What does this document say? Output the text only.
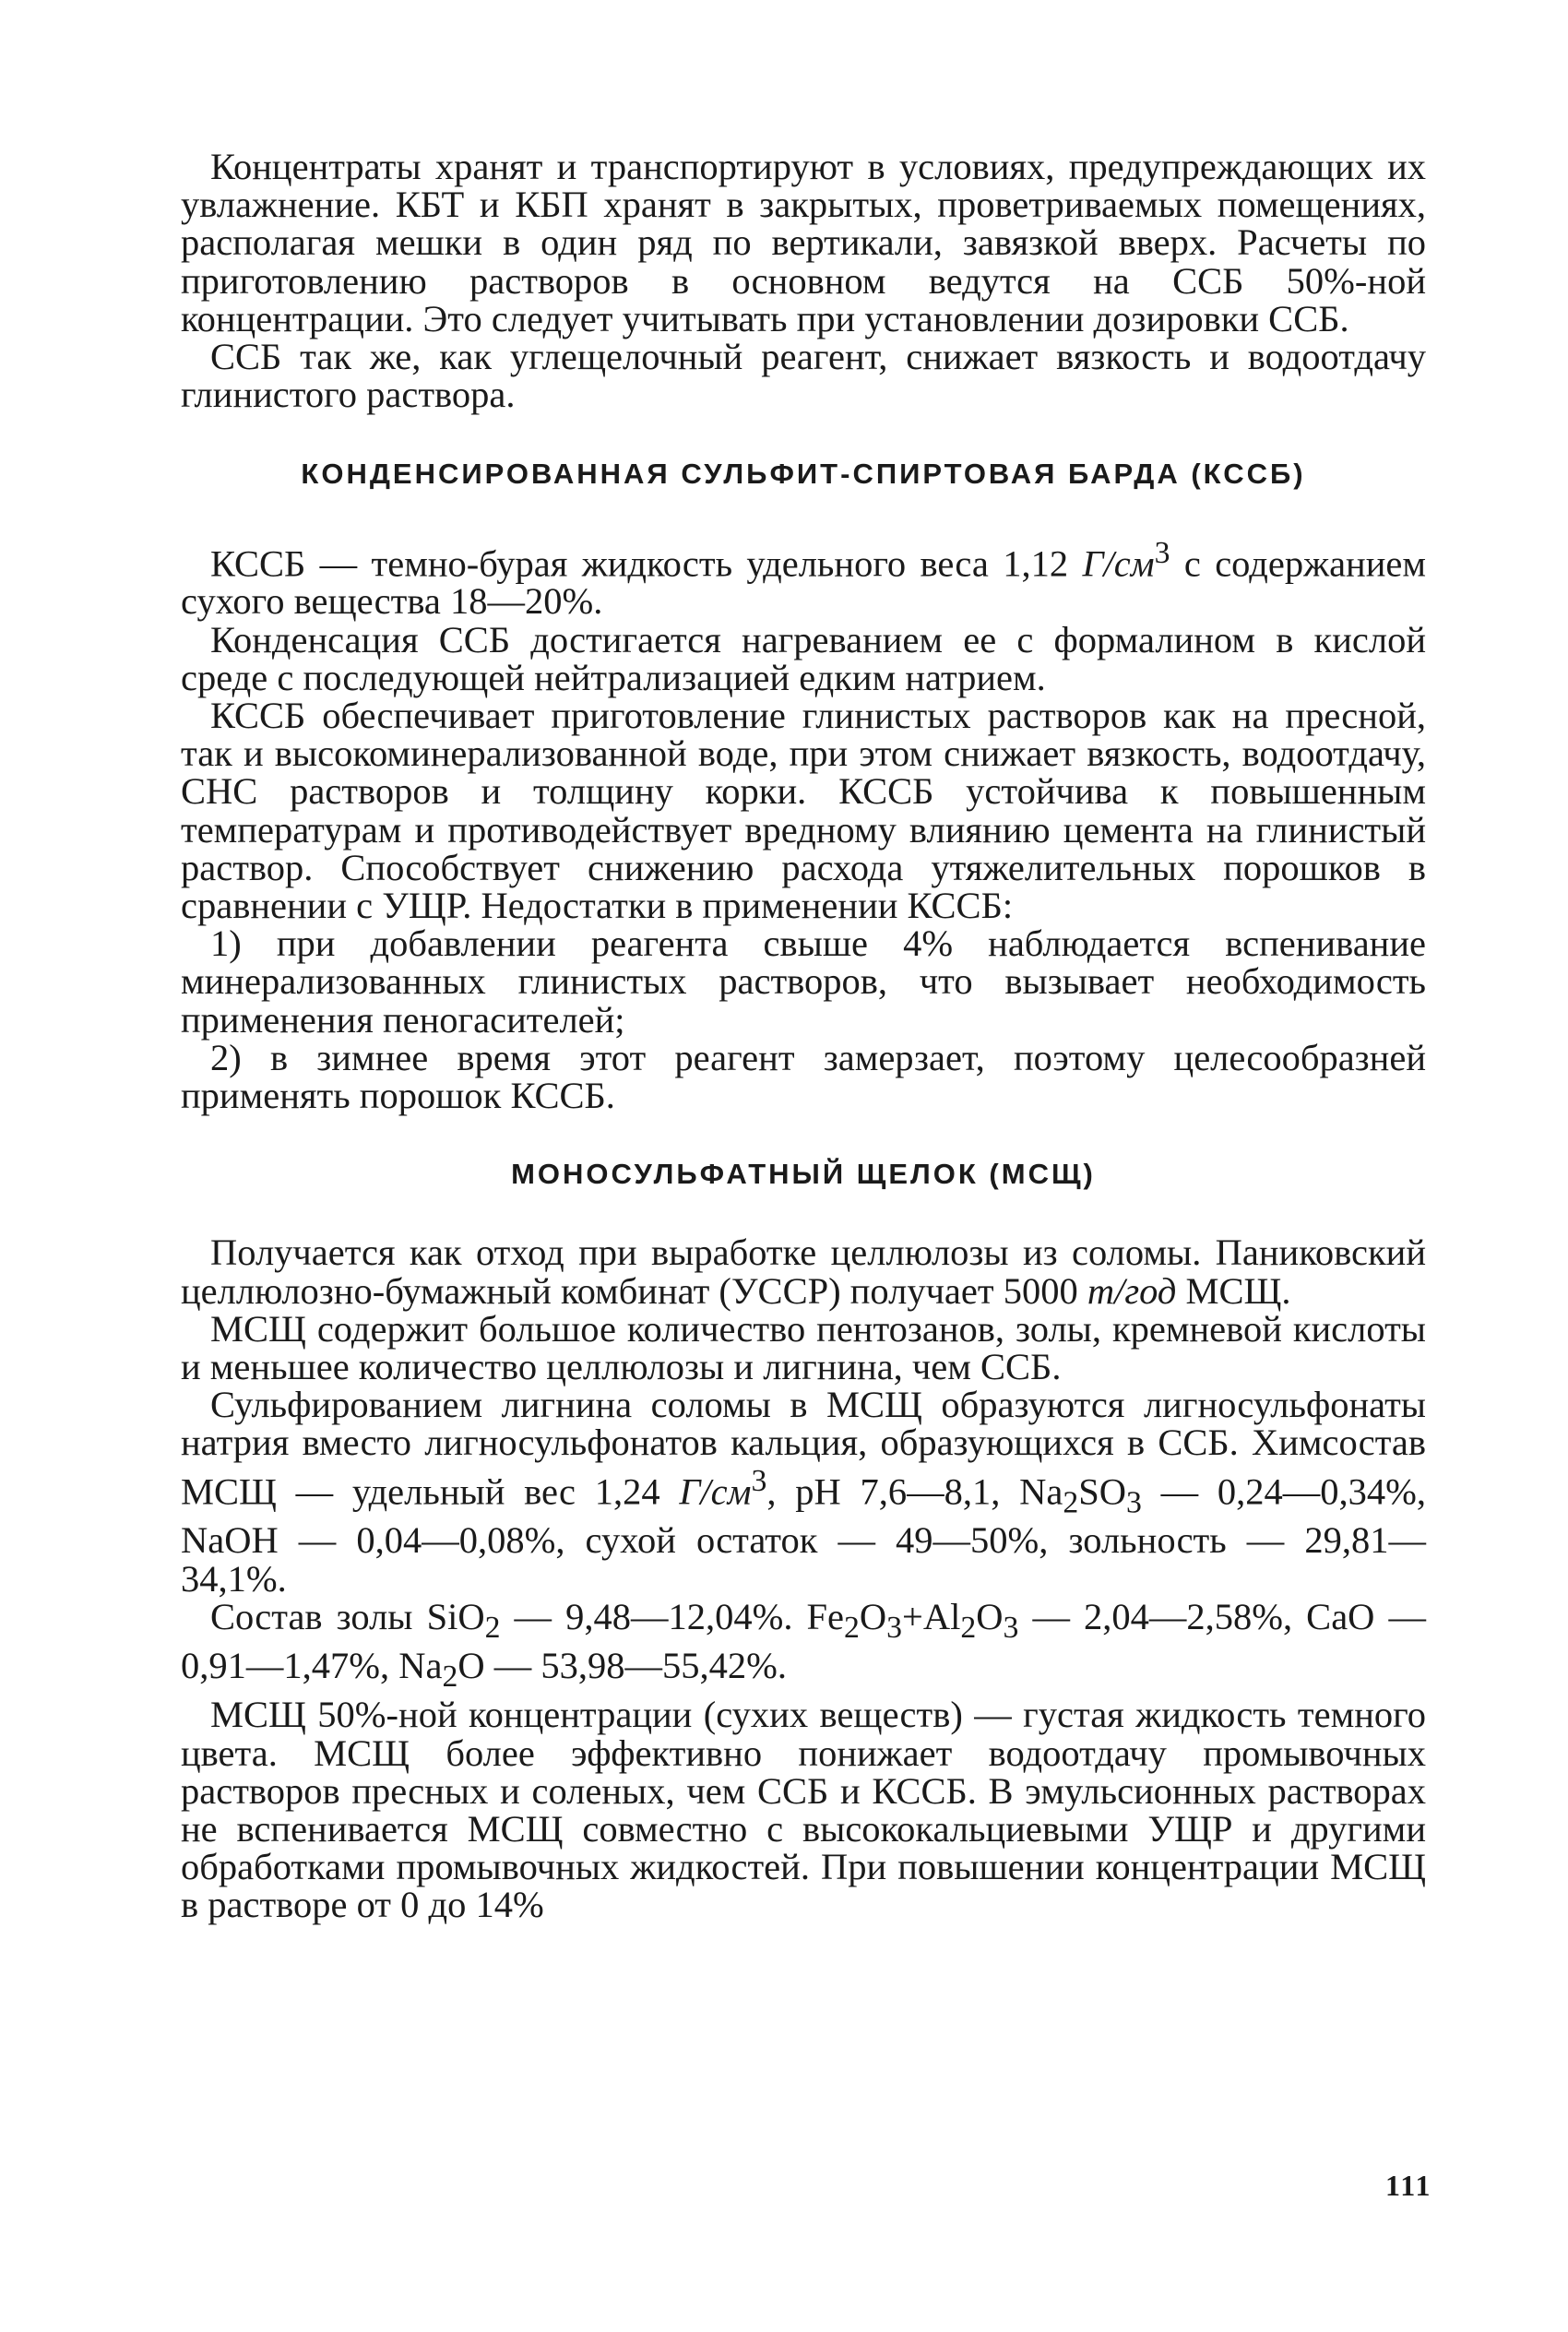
Концентраты хранят и транспортируют в условиях, предупреждающих их увлажнение. КБТ и КБП хранят в закрытых, проветриваемых помещениях, располагая мешки в один ряд по вертикали, завязкой вверх. Расчеты по приготовлению растворов в основном ведутся на ССБ 50%-ной концентрации. Это следует учитывать при установлении дозировки ССБ.

ССБ так же, как углещелочный реагент, снижает вязкость и водоотдачу глинистого раствора.

КОНДЕНСИРОВАННАЯ СУЛЬФИТ-СПИРТОВАЯ БАРДА (КССБ)

КССБ — темно-бурая жидкость удельного веса 1,12 $Г/см^3$ с содержанием сухого вещества 18—20%.

Конденсация ССБ достигается нагреванием ее с формалином в кислой среде с последующей нейтрализацией едким натрием.

КССБ обеспечивает приготовление глинистых растворов как на пресной, так и высокоминерализованной воде, при этом снижает вязкость, водоотдачу, СНС растворов и толщину корки. КССБ устойчива к повышенным температурам и противодействует вредному влиянию цемента на глинистый раствор. Способствует снижению расхода утяжелительных порошков в сравнении с УЩР. Недостатки в применении КССБ:

1) при добавлении реагента свыше 4% наблюдается вспенивание минерализованных глинистых растворов, что вызывает необходимость применения пеногасителей;

2) в зимнее время этот реагент замерзает, поэтому целесообразней применять порошок КССБ.

МОНОСУЛЬФАТНЫЙ ЩЕЛОК (МСЩ)

Получается как отход при выработке целлюлозы из соломы. Паниковский целлюлозно-бумажный комбинат (УССР) получает 5000 т/год МСЩ.

МСЩ содержит большое количество пентозанов, золы, кремневой кислоты и меньшее количество целлюлозы и лигнина, чем ССБ.

Сульфированием лигнина соломы в МСЩ образуются лигносульфонаты натрия вместо лигносульфонатов кальция, образующихся в ССБ. Химсостав МСЩ — удельный вес 1,24 $Г/см^3$, рН 7,6—8,1, $Na_2SO_3$ — 0,24—0,34%, NaOH — 0,04—0,08%, сухой остаток — 49—50%, зольность — 29,81—34,1%.

Состав золы SiO$_2$ — 9,48—12,04%. $Fe_2O_3+Al_2O_3$ — 2,04—2,58%, CaO — 0,91—1,47%, $Na_2O$ — 53,98—55,42%.

МСЩ 50%-ной концентрации (сухих веществ) — густая жидкость темного цвета. МСЩ более эффективно понижает водоотдачу промывочных растворов пресных и соленых, чем ССБ и КССБ. В эмульсионных растворах не вспенивается МСЩ совместно с высококальциевыми УЩР и другими обработками промывочных жидкостей. При повышении концентрации МСЩ в растворе от 0 до 14%

111
